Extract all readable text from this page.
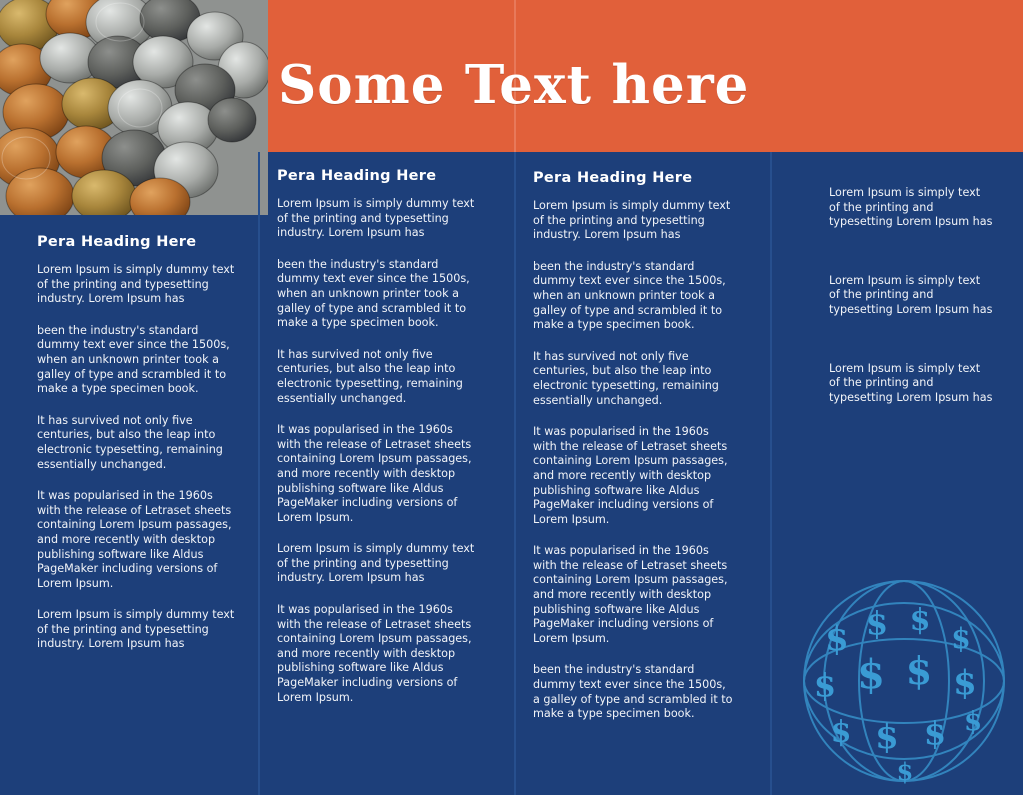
Some Text here
Pera Heading Here

Lorem Ipsum is simply dummy text of the printing and typesetting industry. Lorem Ipsum has

been the industry's standard dummy text ever since the 1500s, when an unknown printer took a galley of type and scrambled it to make a type specimen book.

It has survived not only five centuries, but also the leap into electronic typesetting, remaining essentially unchanged.

It was popularised in the 1960s with the release of Letraset sheets containing Lorem Ipsum passages, and more recently with desktop publishing software like Aldus PageMaker including versions of Lorem Ipsum.

Lorem Ipsum is simply dummy text of the printing and typesetting industry. Lorem Ipsum has

Pera Heading Here

Lorem Ipsum is simply dummy text of the printing and typesetting industry. Lorem Ipsum has

been the industry's standard dummy text ever since the 1500s, when an unknown printer took a galley of type and scrambled it to make a type specimen book.

It has survived not only five centuries, but also the leap into electronic typesetting, remaining essentially unchanged.

It was popularised in the 1960s with the release of Letraset sheets containing Lorem Ipsum passages, and more recently with desktop publishing software like Aldus PageMaker including versions of Lorem Ipsum.

Lorem Ipsum is simply dummy text of the printing and typesetting industry. Lorem Ipsum has

It was popularised in the 1960s with the release of Letraset sheets containing Lorem Ipsum passages, and more recently with desktop publishing software like Aldus PageMaker including versions of Lorem Ipsum.

Pera Heading Here

Lorem Ipsum is simply dummy text of the printing and typesetting industry. Lorem Ipsum has

been the industry's standard dummy text ever since the 1500s, when an unknown printer took a galley of type and scrambled it to make a type specimen book.

It has survived not only five centuries, but also the leap into electronic typesetting, remaining essentially unchanged.

It was popularised in the 1960s with the release of Letraset sheets containing Lorem Ipsum passages, and more recently with desktop publishing software like Aldus PageMaker including versions of Lorem Ipsum.

It was popularised in the 1960s with the release of Letraset sheets containing Lorem Ipsum passages, and more recently with desktop publishing software like Aldus PageMaker including versions of Lorem Ipsum.

been the industry's standard dummy text ever since the 1500s, a galley of type and scrambled it to make a type specimen book.

Lorem Ipsum is simply text of the printing and typesetting Lorem Ipsum has

Lorem Ipsum is simply text of the printing and typesetting Lorem Ipsum has

Lorem Ipsum is simply text of the printing and typesetting Lorem Ipsum has

$ $ $
$
$ $ $ $
$ $ $ $
$
